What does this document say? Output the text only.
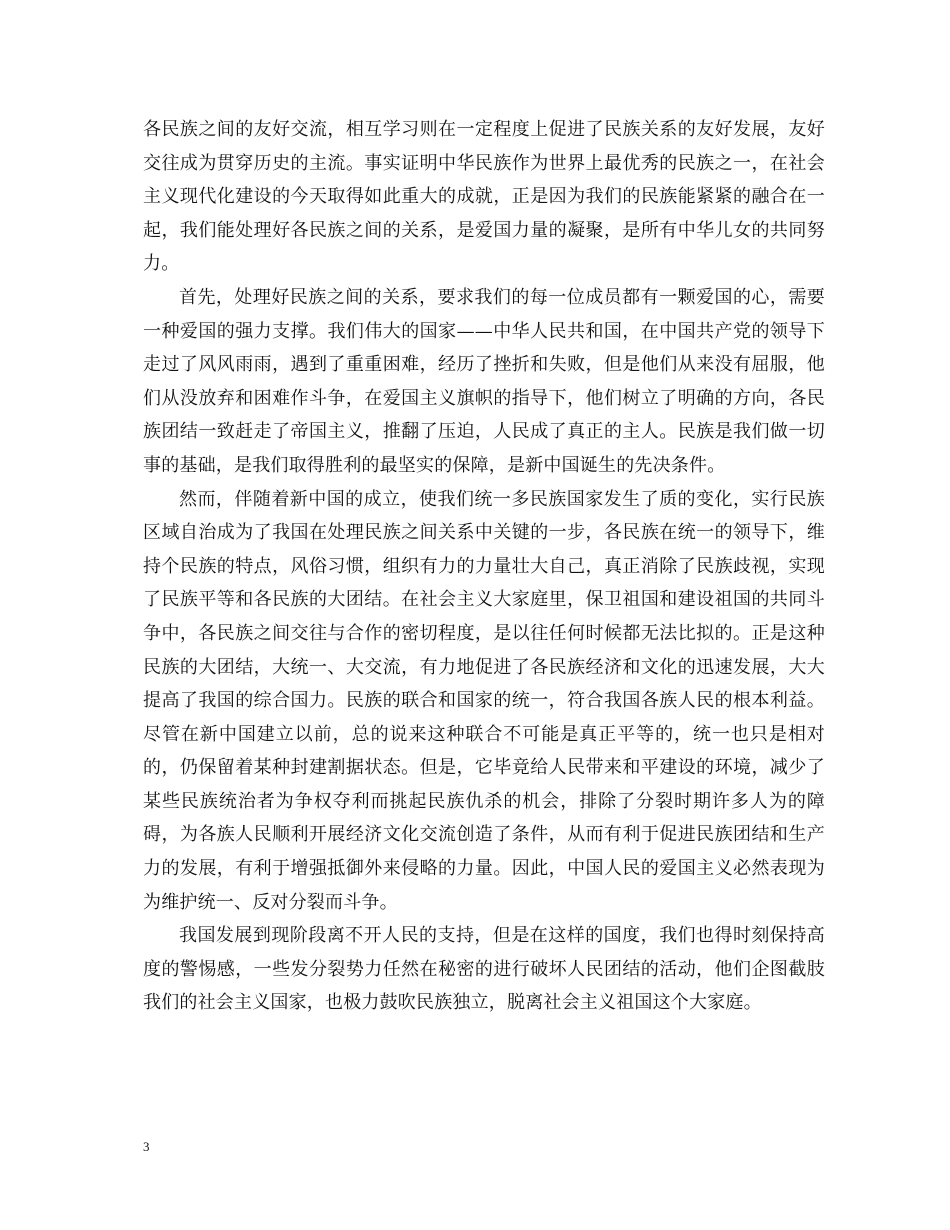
各民族之间的友好交流，相互学习则在一定程度上促进了民族关系的友好发展，友好交往成为贯穿历史的主流。事实证明中华民族作为世界上最优秀的民族之一，在社会主义现代化建设的今天取得如此重大的成就，正是因为我们的民族能紧紧的融合在一起，我们能处理好各民族之间的关系，是爱国力量的凝聚，是所有中华儿女的共同努力。

首先，处理好民族之间的关系，要求我们的每一位成员都有一颗爱国的心，需要一种爱国的强力支撑。我们伟大的国家——中华人民共和国，在中国共产党的领导下走过了风风雨雨，遇到了重重困难，经历了挫折和失败，但是他们从来没有屈服，他们从没放弃和困难作斗争，在爱国主义旗帜的指导下，他们树立了明确的方向，各民族团结一致赶走了帝国主义，推翻了压迫，人民成了真正的主人。民族是我们做一切事的基础，是我们取得胜利的最坚实的保障，是新中国诞生的先决条件。

然而，伴随着新中国的成立，使我们统一多民族国家发生了质的变化，实行民族区域自治成为了我国在处理民族之间关系中关键的一步，各民族在统一的领导下，维持个民族的特点，风俗习惯，组织有力的力量壮大自己，真正消除了民族歧视，实现了民族平等和各民族的大团结。在社会主义大家庭里，保卫祖国和建设祖国的共同斗争中，各民族之间交往与合作的密切程度，是以往任何时候都无法比拟的。正是这种民族的大团结，大统一、大交流，有力地促进了各民族经济和文化的迅速发展，大大提高了我国的综合国力。民族的联合和国家的统一，符合我国各族人民的根本利益。尽管在新中国建立以前，总的说来这种联合不可能是真正平等的，统一也只是相对的，仍保留着某种封建割据状态。但是，它毕竟给人民带来和平建设的环境，减少了某些民族统治者为争权夺利而挑起民族仇杀的机会，排除了分裂时期许多人为的障碍，为各族人民顺利开展经济文化交流创造了条件，从而有利于促进民族团结和生产力的发展，有利于增强抵御外来侵略的力量。因此，中国人民的爱国主义必然表现为为维护统一、反对分裂而斗争。

我国发展到现阶段离不开人民的支持，但是在这样的国度，我们也得时刻保持高度的警惕感，一些发分裂势力任然在秘密的进行破坏人民团结的活动，他们企图截肢我们的社会主义国家，也极力鼓吹民族独立，脱离社会主义祖国这个大家庭。

3
